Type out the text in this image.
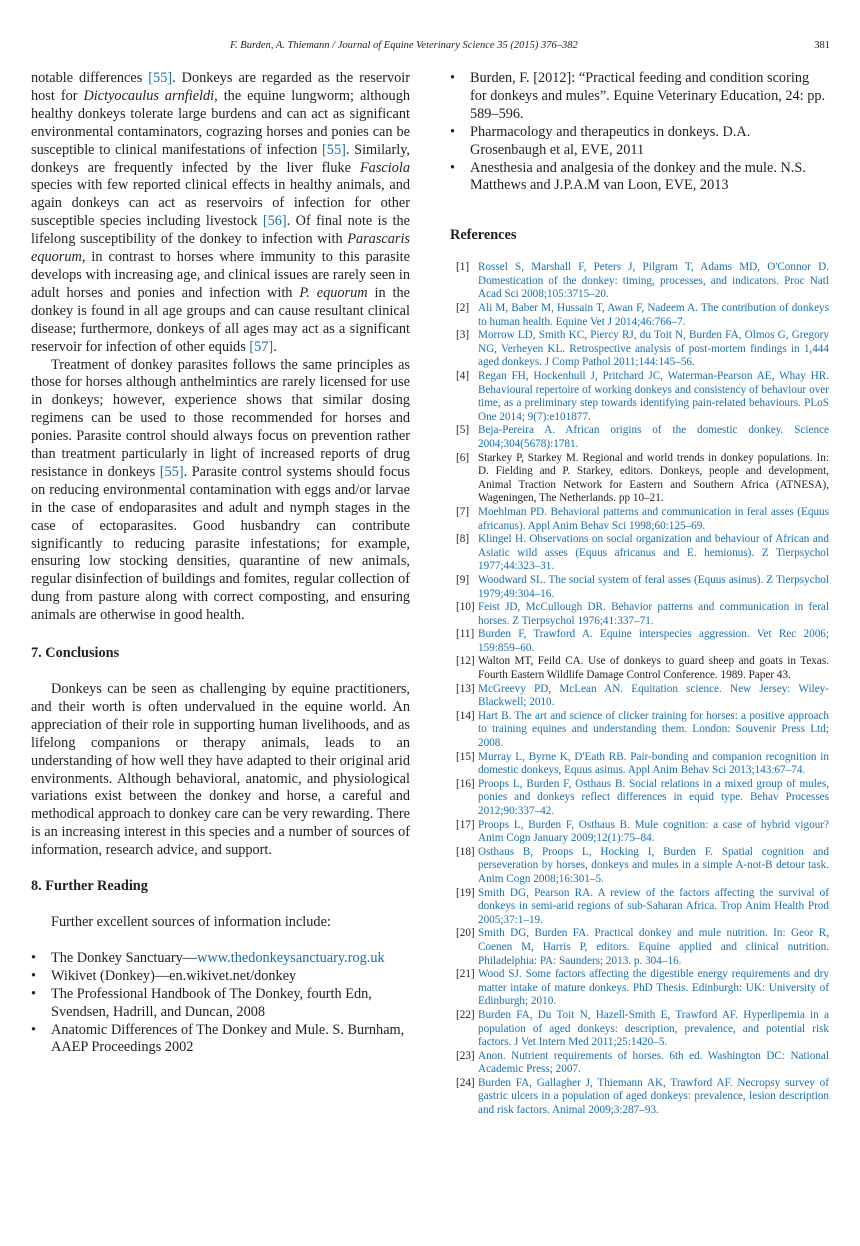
F. Burden, A. Thiemann / Journal of Equine Veterinary Science 35 (2015) 376–382	381

notable differences [55]. Donkeys are regarded as the reservoir host for Dictyocaulus arnfieldi, the equine lungworm; although healthy donkeys tolerate large burdens and can act as significant environmental contaminators, cograzing horses and ponies can be susceptible to clinical manifestations of infection [55]. Similarly, donkeys are frequently infected by the liver fluke Fasciola species with few reported clinical effects in healthy animals, and again donkeys can act as reservoirs of infection for other susceptible species including livestock [56]. Of final note is the lifelong susceptibility of the donkey to infection with Parascaris equorum, in contrast to horses where immunity to this parasite develops with increasing age, and clinical issues are rarely seen in adult horses and ponies and infection with P. equorum in the donkey is found in all age groups and can cause resultant clinical disease; furthermore, donkeys of all ages may act as a significant reservoir for infection of other equids [57].

Treatment of donkey parasites follows the same principles as those for horses although anthelmintics are rarely licensed for use in donkeys; however, experience shows that similar dosing regimens can be used to those recommended for horses and ponies. Parasite control should always focus on prevention rather than treatment particularly in light of increased reports of drug resistance in donkeys [55]. Parasite control systems should focus on reducing environmental contamination with eggs and/or larvae in the case of endoparasites and adult and nymph stages in the case of ectoparasites. Good husbandry can contribute significantly to reducing parasite infestations; for example, ensuring low stocking densities, quarantine of new animals, regular disinfection of buildings and fomites, regular collection of dung from pasture along with correct composting, and ensuring animals are otherwise in good health.

7. Conclusions

Donkeys can be seen as challenging by equine practitioners, and their worth is often undervalued in the equine world. An appreciation of their role in supporting human livelihoods, and as lifelong companions or therapy animals, leads to an understanding of how well they have adapted to their original arid environments. Although behavioral, anatomic, and physiological variations exist between the donkey and horse, a careful and methodical approach to donkey care can be very rewarding. There is an increasing interest in this species and a number of sources of information, research advice, and support.

8. Further Reading

Further excellent sources of information include:

• The Donkey Sanctuary—www.thedonkeysanctuary.rog.uk
• Wikivet (Donkey)—en.wikivet.net/donkey
• The Professional Handbook of The Donkey, fourth Edn, Svendsen, Hadrill, and Duncan, 2008
• Anatomic Differences of The Donkey and Mule. S. Burnham, AAEP Proceedings 2002
• Burden, F. [2012]: “Practical feeding and condition scoring for donkeys and mules”. Equine Veterinary Education, 24: pp. 589–596.
• Pharmacology and therapeutics in donkeys. D.A. Grosenbaugh et al, EVE, 2011
• Anesthesia and analgesia of the donkey and the mule. N.S. Matthews and J.P.A.M van Loon, EVE, 2013

References

[1] Rossel S, Marshall F, Peters J, Pilgram T, Adams MD, O'Connor D. Domestication of the donkey: timing, processes, and indicators. Proc Natl Acad Sci 2008;105:3715–20.
[2] Ali M, Baber M, Hussain T, Awan F, Nadeem A. The contribution of donkeys to human health. Equine Vet J 2014;46:766–7.
[3] Morrow LD, Smith KC, Piercy RJ, du Toit N, Burden FA, Olmos G, Gregory NG, Verheyen KL. Retrospective analysis of post-mortem findings in 1,444 aged donkeys. J Comp Pathol 2011;144:145–56.
[4] Regan FH, Hockenhull J, Pritchard JC, Waterman-Pearson AE, Whay HR. Behavioural repertoire of working donkeys and consistency of behaviour over time, as a preliminary step towards identifying pain-related behaviours. PLoS One 2014; 9(7):e101877.
[5] Beja-Pereira A. African origins of the domestic donkey. Science 2004;304(5678):1781.
[6] Starkey P, Starkey M. Regional and world trends in donkey populations. In: D. Fielding and P. Starkey, editors. Donkeys, people and development, Animal Traction Network for Eastern and Southern Africa (ATNESA), Wageningen, The Netherlands. pp 10–21.
[7] Moehlman PD. Behavioral patterns and communication in feral asses (Equus africanus). Appl Anim Behav Sci 1998;60:125–69.
[8] Klingel H. Observations on social organization and behaviour of African and Asiatic wild asses (Equus africanus and E. hemionus). Z Tierpsychol 1977;44:323–31.
[9] Woodward SL. The social system of feral asses (Equus asinus). Z Tierpsychol 1979;49:304–16.
[10] Feist JD, McCullough DR. Behavior patterns and communication in feral horses. Z Tierpsychol 1976;41:337–71.
[11] Burden F, Trawford A. Equine interspecies aggression. Vet Rec 2006; 159:859–60.
[12] Walton MT, Feild CA. Use of donkeys to guard sheep and goats in Texas. Fourth Eastern Wildlife Damage Control Conference. 1989. Paper 43.
[13] McGreevy PD, McLean AN. Equitation science. New Jersey: Wiley-Blackwell; 2010.
[14] Hart B. The art and science of clicker training for horses: a positive approach to training equines and understanding them. London: Souvenir Press Ltd; 2008.
[15] Murray L, Byrne K, D'Eath RB. Pair-bonding and companion recognition in domestic donkeys, Equus asinus. Appl Anim Behav Sci 2013;143:67–74.
[16] Proops L, Burden F, Osthaus B. Social relations in a mixed group of mules, ponies and donkeys reflect differences in equid type. Behav Processes 2012;90:337–42.
[17] Proops L, Burden F, Osthaus B. Mule cognition: a case of hybrid vigour? Anim Cogn January 2009;12(1):75–84.
[18] Osthaus B, Proops L, Hocking I, Burden F. Spatial cognition and perseveration by horses, donkeys and mules in a simple A-not-B detour task. Anim Cogn 2008;16:301–5.
[19] Smith DG, Pearson RA. A review of the factors affecting the survival of donkeys in semi-arid regions of sub-Saharan Africa. Trop Anim Health Prod 2005;37:1–19.
[20] Smith DG, Burden FA. Practical donkey and mule nutrition. In: Geor R, Coenen M, Harris P, editors. Equine applied and clinical nutrition. Philadelphia: PA: Saunders; 2013. p. 304–16.
[21] Wood SJ. Some factors affecting the digestible energy requirements and dry matter intake of mature donkeys. PhD Thesis. Edinburgh: UK: University of Edinburgh; 2010.
[22] Burden FA, Du Toit N, Hazell-Smith E, Trawford AF. Hyperlipemia in a population of aged donkeys: description, prevalence, and potential risk factors. J Vet Intern Med 2011;25:1420–5.
[23] Anon. Nutrient requirements of horses. 6th ed. Washington DC: National Academic Press; 2007.
[24] Burden FA, Gallagher J, Thiemann AK, Trawford AF. Necropsy survey of gastric ulcers in a population of aged donkeys: prevalence, lesion description and risk factors. Animal 2009;3:287–93.
